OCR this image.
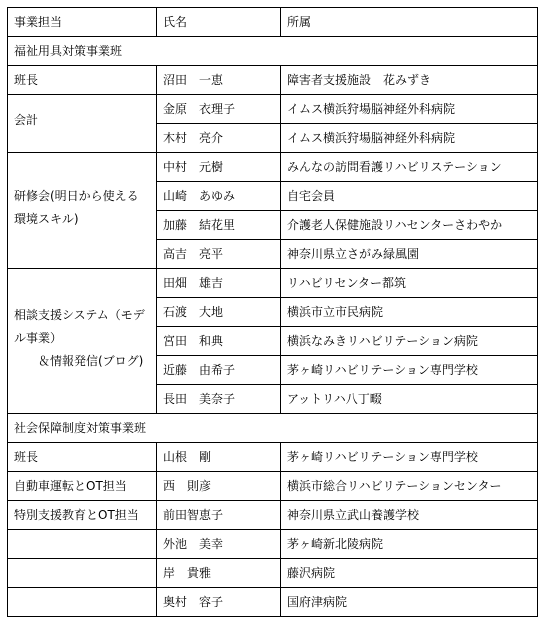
事業担当	氏名	所属
福祉用具対策事業班		
班長	沼田　一恵	障害者支援施設　花みずき

会計	金原　衣理子	イムス横浜狩場脳神経外科病院
	木村　亮介	イムス横浜狩場脳神経外科病院

研修会(明日から使える
環境スキル)	中村　元樹	みんなの訪問看護リハビリステーション
	山崎　あゆみ	自宅会員
	加藤　結花里	介護老人保健施設リハセンターさわやか
	高吉　亮平	神奈川県立さがみ緑風園

相談支援システム（モデ
ル事業）
＆情報発信(ブログ)	田畑　雄吉	リハビリセンター都筑
	石渡　大地	横浜市立市民病院
	宮田　和典	横浜なみきリハビリテーション病院
	近藤　由希子	茅ヶ崎リハビリテーション専門学校
	長田　美奈子	アットリハ八丁畷
社会保障制度対策事業班		
班長	山根　剛	茅ヶ崎リハビリテーション専門学校
自動車運転とOT担当	西　則彦	横浜市総合リハビリテーションセンター
特別支援教育とOT担当	前田智恵子	神奈川県立武山養護学校
	外池　美幸	茅ヶ崎新北陵病院
	岸　貴雅	藤沢病院
	奥村　容子	国府津病院
